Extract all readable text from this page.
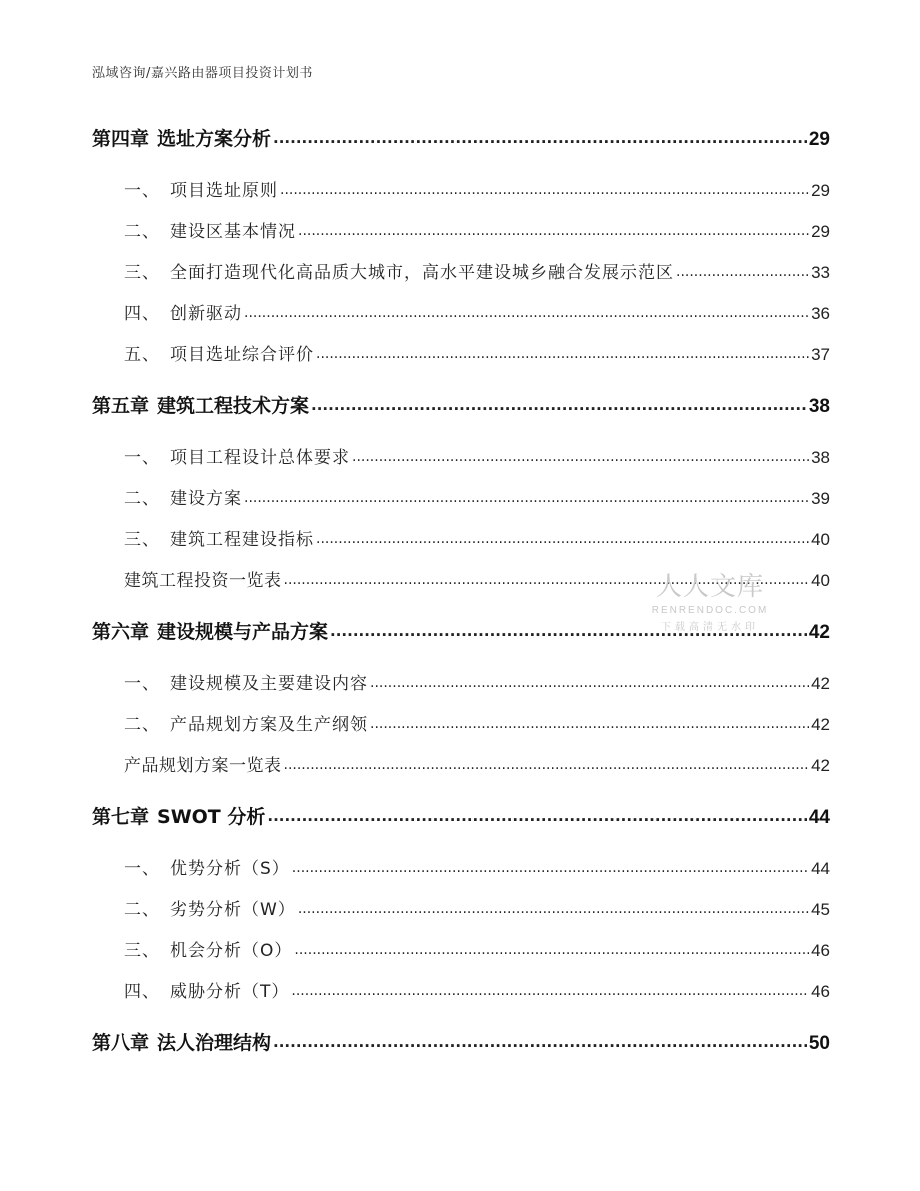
泓域咨询/嘉兴路由器项目投资计划书
第四章 选址方案分析 .....	29
一、 项目选址原则 .....	29
二、 建设区基本情况 .....	29
三、 全面打造现代化高品质大城市，高水平建设城乡融合发展示范区 .....	33
四、 创新驱动 .....	36
五、 项目选址综合评价 .....	37
第五章 建筑工程技术方案 .....	38
一、 项目工程设计总体要求 .....	38
二、 建设方案 .....	39
三、 建筑工程建设指标 .....	40
建筑工程投资一览表 .....	40
第六章 建设规模与产品方案 .....	42
一、 建设规模及主要建设内容 .....	42
二、 产品规划方案及生产纲领 .....	42
产品规划方案一览表 .....	42
第七章 SWOT 分析 .....	44
一、 优势分析（S） .....	44
二、 劣势分析（W） .....	45
三、 机会分析（O） .....	46
四、 威胁分析（T） .....	46
第八章 法人治理结构 .....	50
人人文库
RENRENDOC.COM
下载高清无水印
